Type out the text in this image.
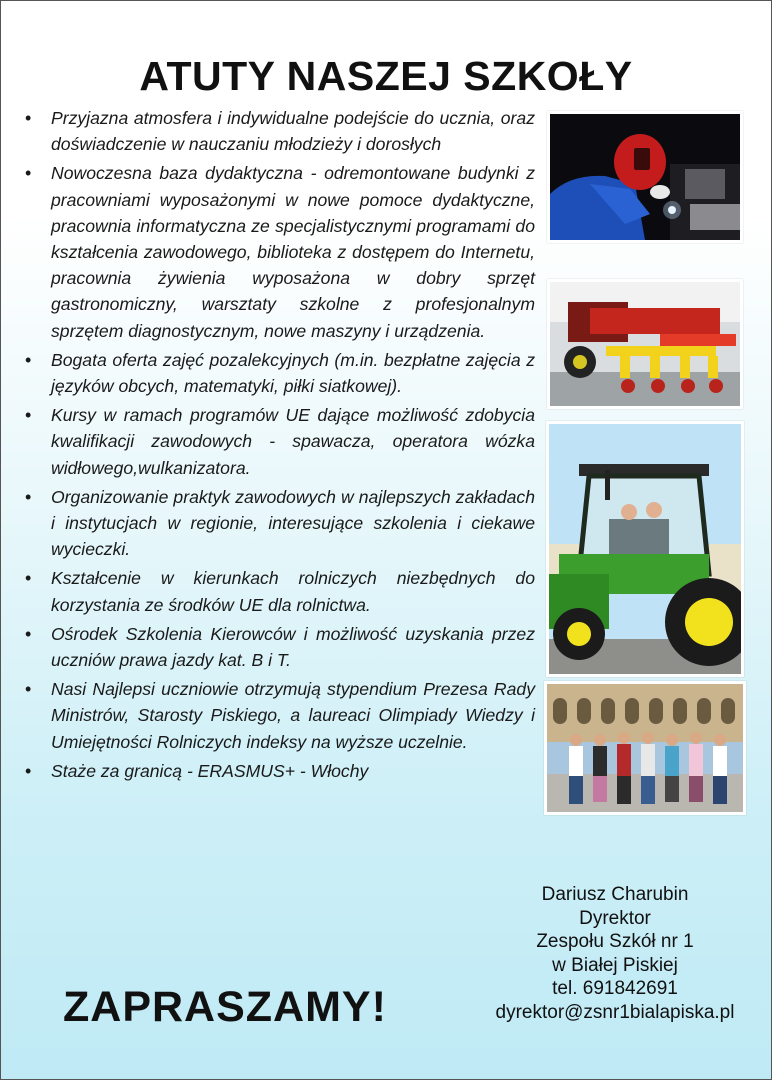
ATUTY NASZEJ SZKOŁY
• Przyjazna atmosfera i indywidualne podejście do ucznia, oraz doświadczenie w nauczaniu młodzieży i dorosłych
• Nowoczesna baza dydaktyczna - odremontowane budynki z pracowniami wyposażonymi w nowe pomoce dydaktyczne, pracownia informatyczna ze specjalistycznymi programami do kształcenia zawodowego, biblioteka z dostępem do Internetu, pracownia żywienia wyposażona w dobry sprzęt gastronomiczny, warsztaty szkolne z profesjonalnym sprzętem diagnostycznym, nowe maszyny i urządzenia.
• Bogata oferta zajęć pozalekcyjnych (m.in. bezpłatne zajęcia z języków obcych, matematyki, piłki siatkowej).
• Kursy w ramach programów UE dające możliwość zdobycia kwalifikacji zawodowych - spawacza, operatora wózka widłowego,wulkanizatora.
• Organizowanie praktyk zawodowych w najlepszych zakładach i instytucjach w regionie, interesujące szkolenia i ciekawe wycieczki.
• Kształcenie w kierunkach rolniczych niezbędnych do korzystania ze środków UE dla rolnictwa.
• Ośrodek Szkolenia Kierowców i możliwość uzyskania przez uczniów prawa jazdy kat. B i T.
• Nasi Najlepsi uczniowie otrzymują stypendium Prezesa Rady Ministrów, Starosty Piskiego, a laureaci Olimpiady Wiedzy i Umiejętności Rolniczych indeksy na wyższe uczelnie.
• Staże za granicą - ERASMUS+ - Włochy
Dariusz Charubin
Dyrektor
Zespołu Szkół nr 1
w Białej Piskiej
tel. 691842691
dyrektor@zsnr1bialapiska.pl
ZAPRASZAMY!
